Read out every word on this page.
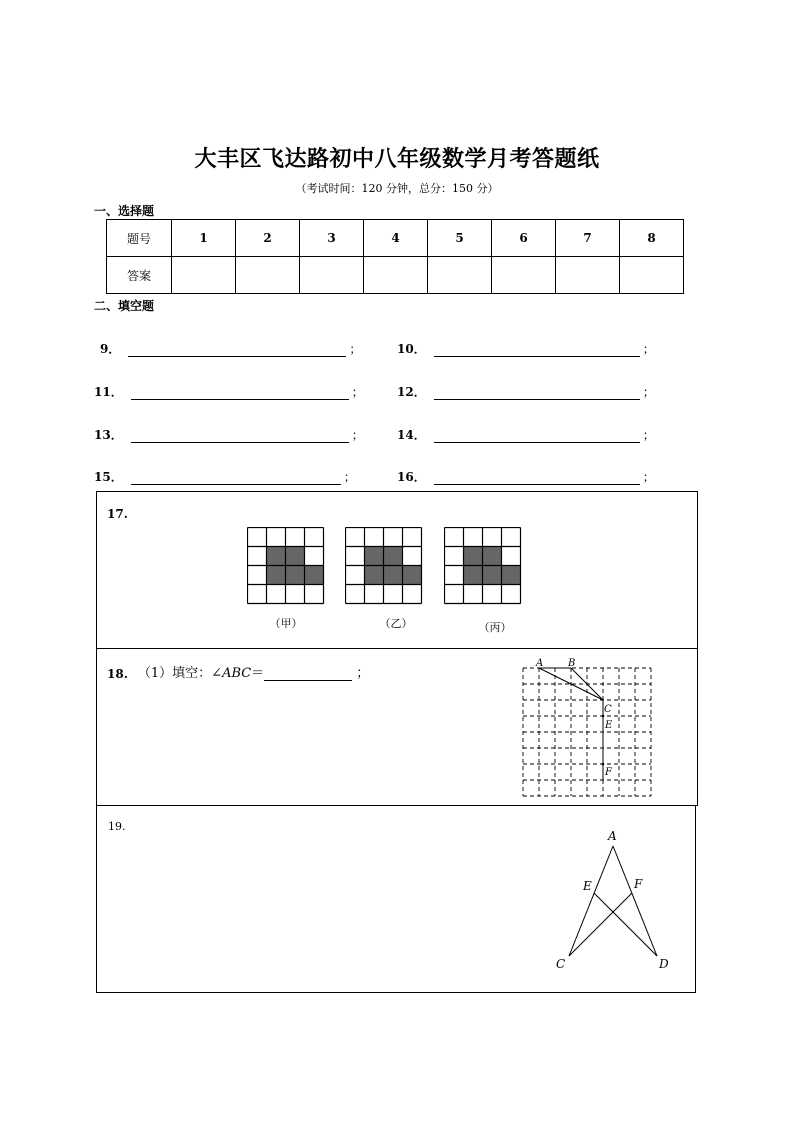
大丰区飞达路初中八年级数学月考答题纸
（考试时间：120 分钟，总分：150 分）
一、选择题
题号	1	2	3	4	5	6	7	8
答案								
二、填空题
9．	；	10．	；
11．	；	12．	；
13．	；	14．	；
15．	；	16．	；
17.
（甲）	（乙）	（丙）
18. （1）填空： ∠ ABC ＝	；
A B
C
E
F
19.
A
E	F
C	D
